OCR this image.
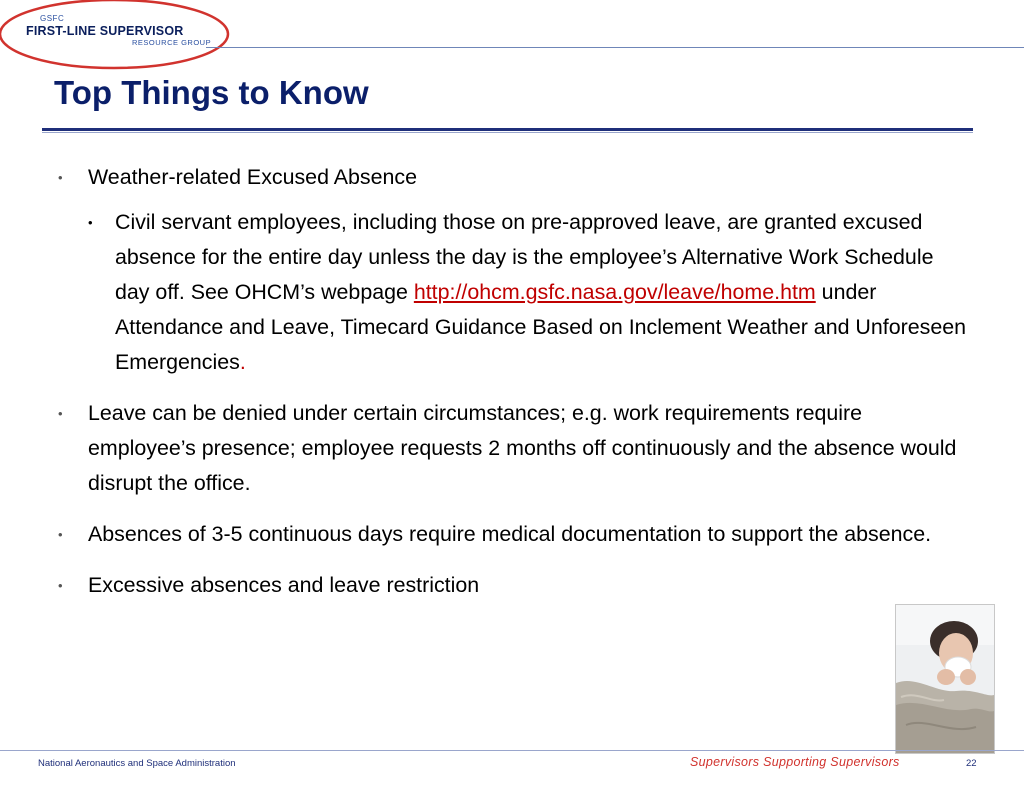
GSFC
FIRST-LINE SUPERVISOR
RESOURCE GROUP
Top Things to Know
• Weather-related Excused Absence
• Civil servant employees, including those on pre-approved leave, are granted excused absence for the entire day unless the day is the employee’s Alternative Work Schedule day off. See OHCM’s webpage http://ohcm.gsfc.nasa.gov/leave/home.htm under Attendance and Leave, Timecard Guidance Based on Inclement Weather and Unforeseen Emergencies.
• Leave can be denied under certain circumstances; e.g. work requirements require employee’s presence; employee requests 2 months off continuously and the absence would disrupt the office.
• Absences of 3-5 continuous days require medical documentation to support the absence.
• Excessive absences and leave restriction
National Aeronautics and Space Administration	Supervisors Supporting Supervisors	22
